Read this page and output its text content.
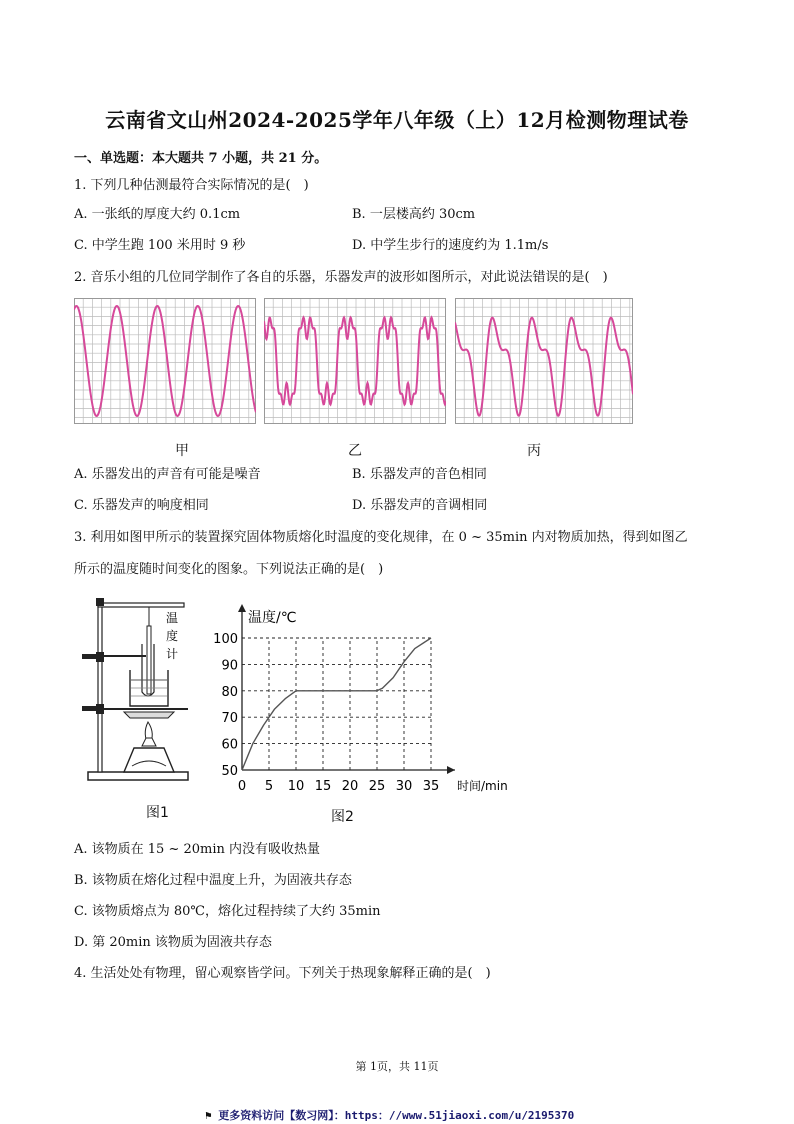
云南省文山州2024-2025学年八年级（上）12月检测物理试卷
一、单选题：本大题共 7 小题，共 21 分。
1. 下列几种估测最符合实际情况的是(　)
A. 一张纸的厚度大约 0.1cm	B. 一层楼高约 30cm
C. 中学生跑 100 米用时 9 秒	D. 中学生步行的速度约为 1.1m/s
2. 音乐小组的几位同学制作了各自的乐器，乐器发声的波形如图所示，对此说法错误的是(　)
甲	乙	丙
A. 乐器发出的声音有可能是噪音	B. 乐器发声的音色相同
C. 乐器发声的响度相同	D. 乐器发声的音调相同
3. 利用如图甲所示的装置探究固体物质熔化时温度的变化规律，在 0 ~ 35min 内对物质加热，得到如图乙
所示的温度随时间变化的图象。下列说法正确的是(　)
温
度
计
图1
0 5 10 15 20 25 30 35
50
60
70
80
90
100
温度/℃
时间/min
图2
A. 该物质在 15 ~ 20min 内没有吸收热量
B. 该物质在熔化过程中温度上升，为固液共存态
C. 该物质熔点为 80℃，熔化过程持续了大约 35min
D. 第 20min 该物质为固液共存态
4. 生活处处有物理，留心观察皆学问。下列关于热现象解释正确的是(　)
第 1页，共 11页
⚑ 更多资料访问【数习网】：https：//www.51jiaoxi.com/u/2195370
